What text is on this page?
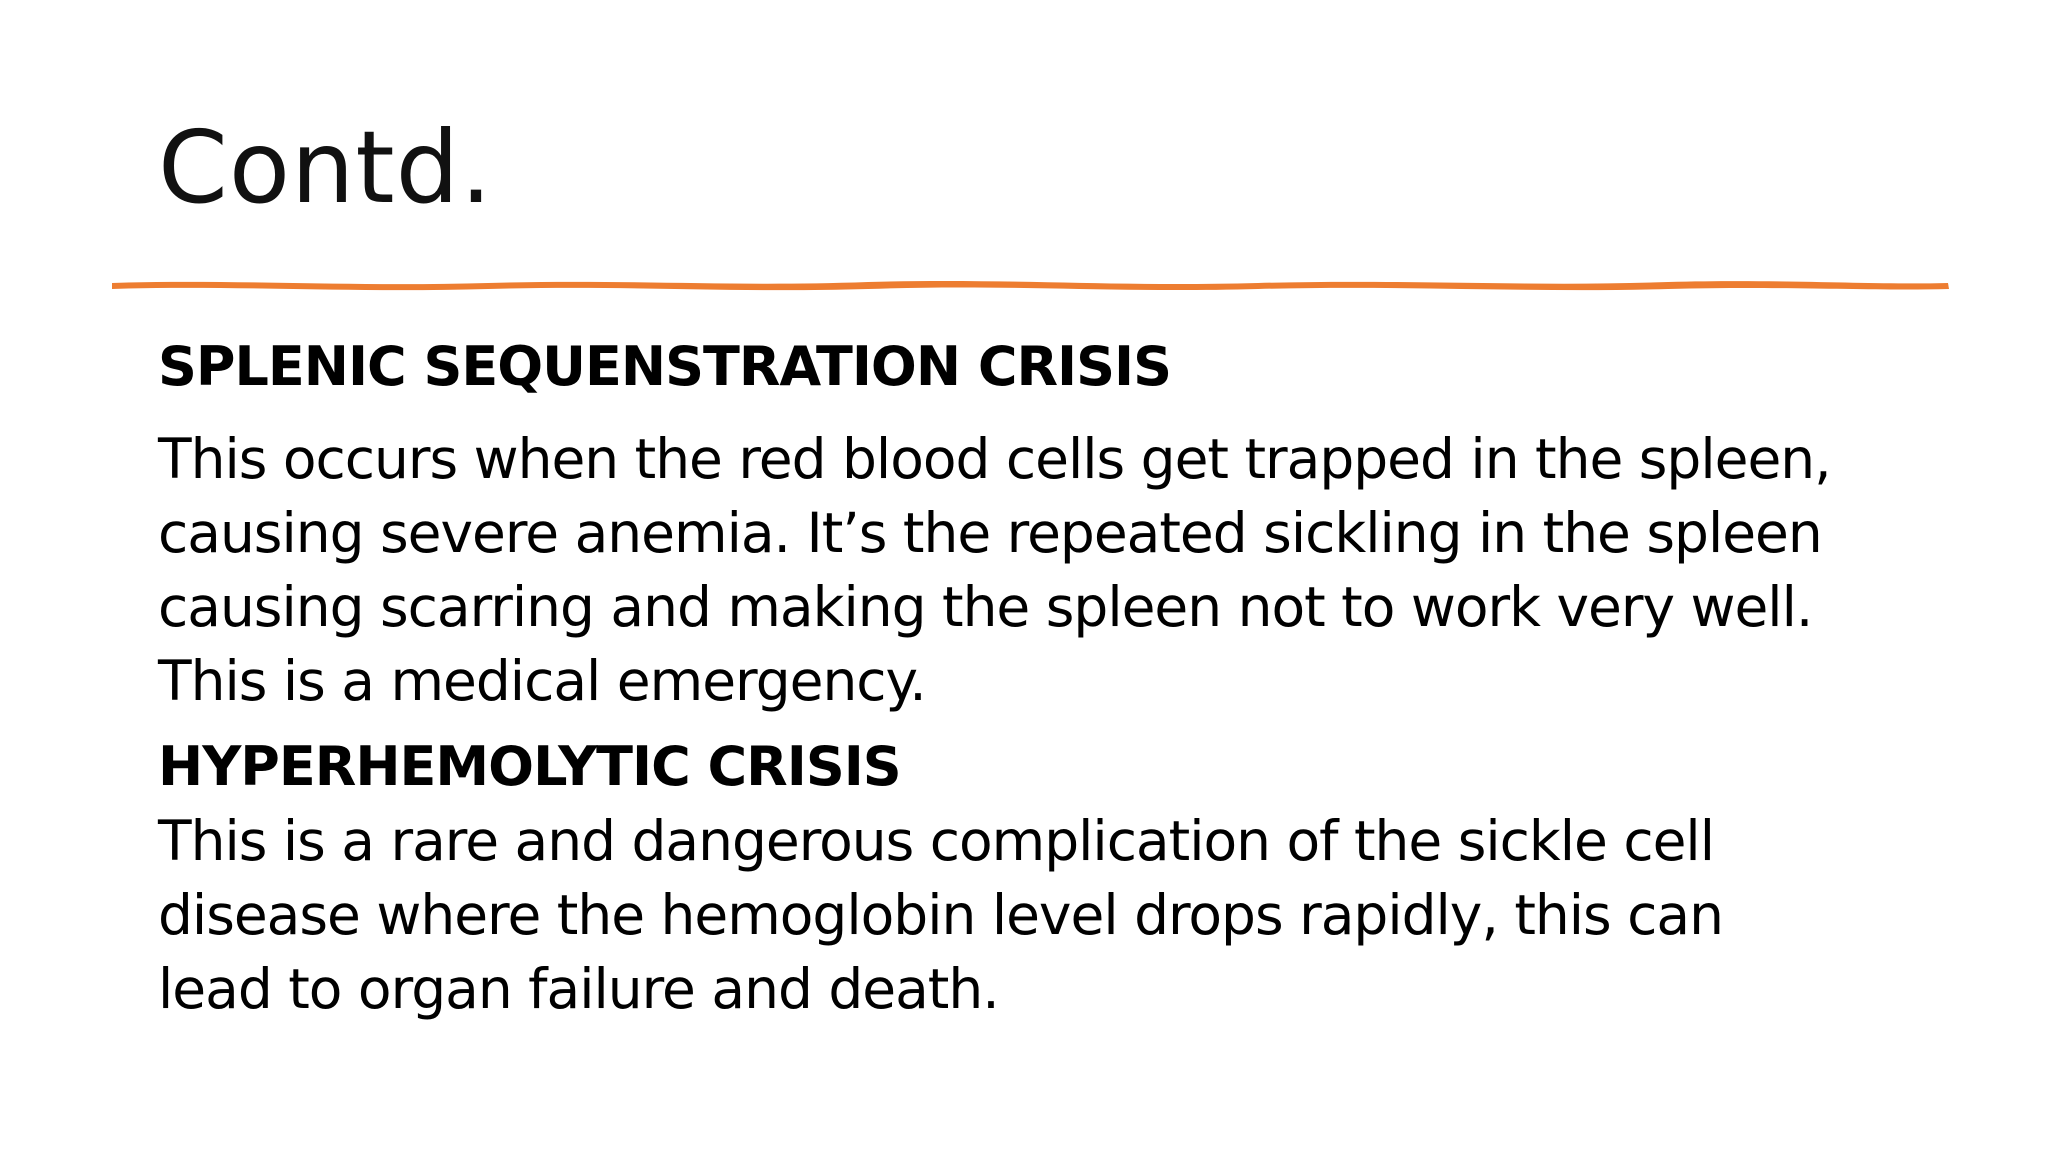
Contd.
SPLENIC SEQUENSTRATION CRISIS
This occurs when the red blood cells get trapped in the spleen,
causing severe anemia. It’s the repeated sickling in the spleen
causing scarring and making the spleen not to work very well.
This is a medical emergency.
HYPERHEMOLYTIC CRISIS
This is a rare and dangerous complication of the sickle cell
disease where the hemoglobin level drops rapidly, this can
lead to organ failure and death.
